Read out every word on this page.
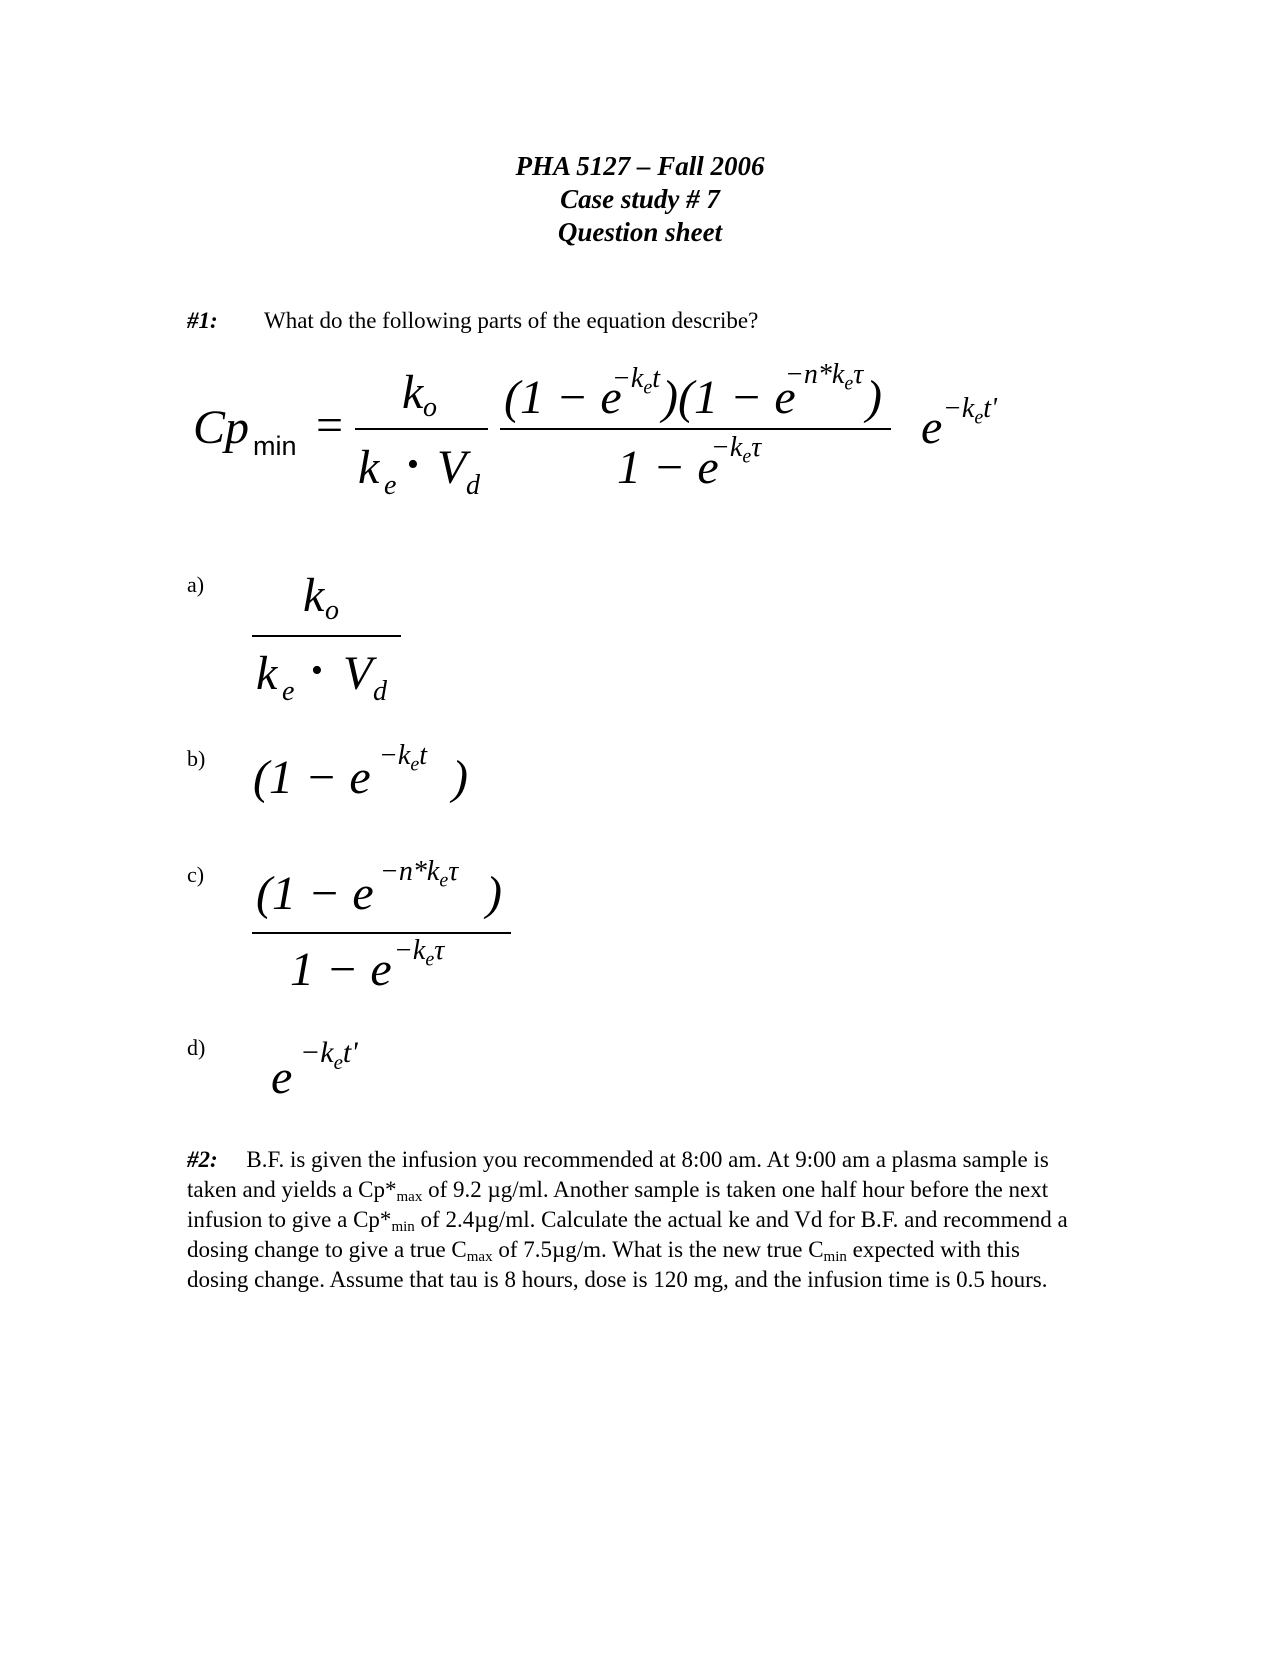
PHA 5127 – Fall 2006
Case study # 7
Question sheet
#1: What do the following parts of the equation describe?
Cp min =
k o
k e
• V d
(1 − e
$-k_et$ )(1 − e
$-n*k_e\tau$ )
1 − e
$-k_e\tau$	$e -k_et'$
a) k o
k e
• V d
b) ($1 - e -k_et$ )
c) ($1 - e -n*k_e\tau$ )
$1 - e -k_e\tau$
d)
$e -k_et'$
#2: B.F. is given the infusion you recommended at 8:00 am. At 9:00 am a plasma sample is taken and yields a $Cp*_{max}$ of 9.2 µg/ml. Another sample is taken one half hour before the next infusion to give a $Cp*_{min}$ of 2.4µg/ml. Calculate the actual ke and Vd for B.F. and recommend a dosing change to give a true $C_{max}$ of 7.5µg/m. What is the new true $C_{min}$ expected with this dosing change. Assume that tau is 8 hours, dose is 120 mg, and the infusion time is 0.5 hours.
